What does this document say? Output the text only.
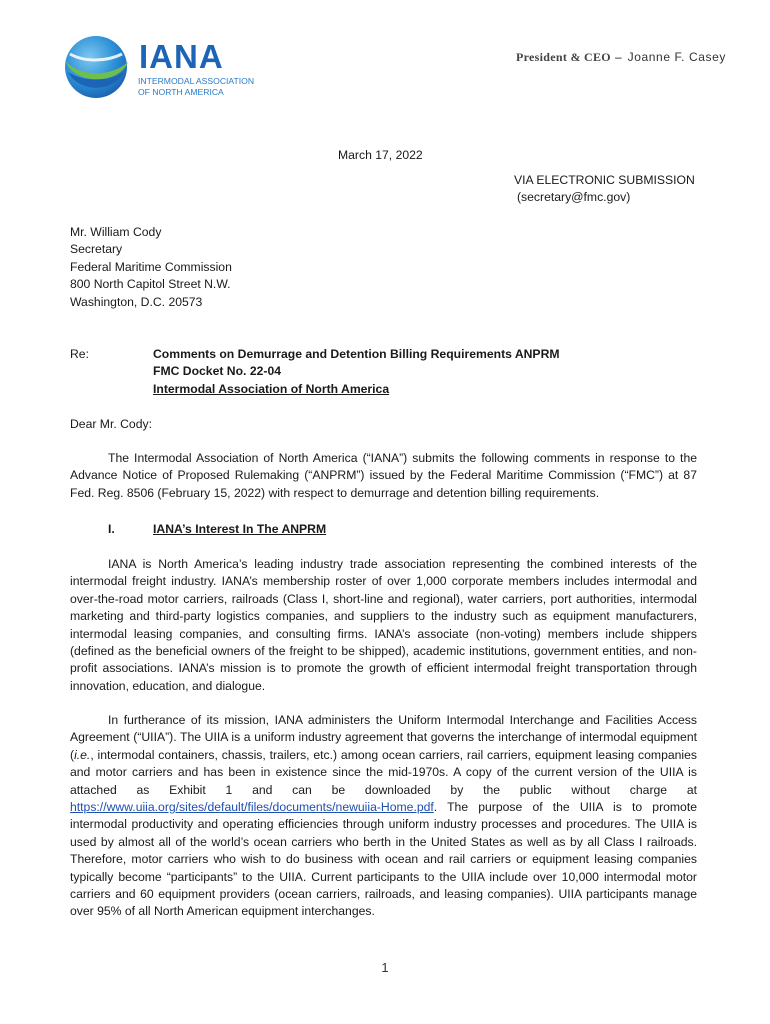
IANA
INTERMODAL ASSOCIATION
OF NORTH AMERICA
President & CEO – Joanne F. Casey
March 17, 2022
VIA ELECTRONIC SUBMISSION
(secretary@fmc.gov)
Mr. William Cody
Secretary
Federal Maritime Commission
800 North Capitol Street N.W.
Washington, D.C. 20573
Re:	Comments on Demurrage and Detention Billing Requirements ANPRM
FMC Docket No. 22-04
Intermodal Association of North America
Dear Mr. Cody:
The Intermodal Association of North America (“IANA”) submits the following comments in response to the Advance Notice of Proposed Rulemaking (“ANPRM”) issued by the Federal Maritime Commission (“FMC”) at 87 Fed. Reg. 8506 (February 15, 2022) with respect to demurrage and detention billing requirements.
I.	IANA’s Interest In The ANPRM
IANA is North America’s leading industry trade association representing the combined interests of the intermodal freight industry. IANA’s membership roster of over 1,000 corporate members includes intermodal and over-the-road motor carriers, railroads (Class I, short-line and regional), water carriers, port authorities, intermodal marketing and third-party logistics companies, and suppliers to the industry such as equipment manufacturers, intermodal leasing companies, and consulting firms. IANA’s associate (non-voting) members include shippers (defined as the beneficial owners of the freight to be shipped), academic institutions, government entities, and non-profit associations. IANA’s mission is to promote the growth of efficient intermodal freight transportation through innovation, education, and dialogue.
In furtherance of its mission, IANA administers the Uniform Intermodal Interchange and Facilities Access Agreement (“UIIA”). The UIIA is a uniform industry agreement that governs the interchange of intermodal equipment (i.e., intermodal containers, chassis, trailers, etc.) among ocean carriers, rail carriers, equipment leasing companies and motor carriers and has been in existence since the mid-1970s. A copy of the current version of the UIIA is attached as Exhibit 1 and can be downloaded by the public without charge at https://www.uiia.org/sites/default/files/documents/newuiia-Home.pdf. The purpose of the UIIA is to promote intermodal productivity and operating efficiencies through uniform industry processes and procedures. The UIIA is used by almost all of the world’s ocean carriers who berth in the United States as well as by all Class I railroads. Therefore, motor carriers who wish to do business with ocean and rail carriers or equipment leasing companies typically become “participants” to the UIIA. Current participants to the UIIA include over 10,000 intermodal motor carriers and 60 equipment providers (ocean carriers, railroads, and leasing companies). UIIA participants manage over 95% of all North American equipment interchanges.
1
